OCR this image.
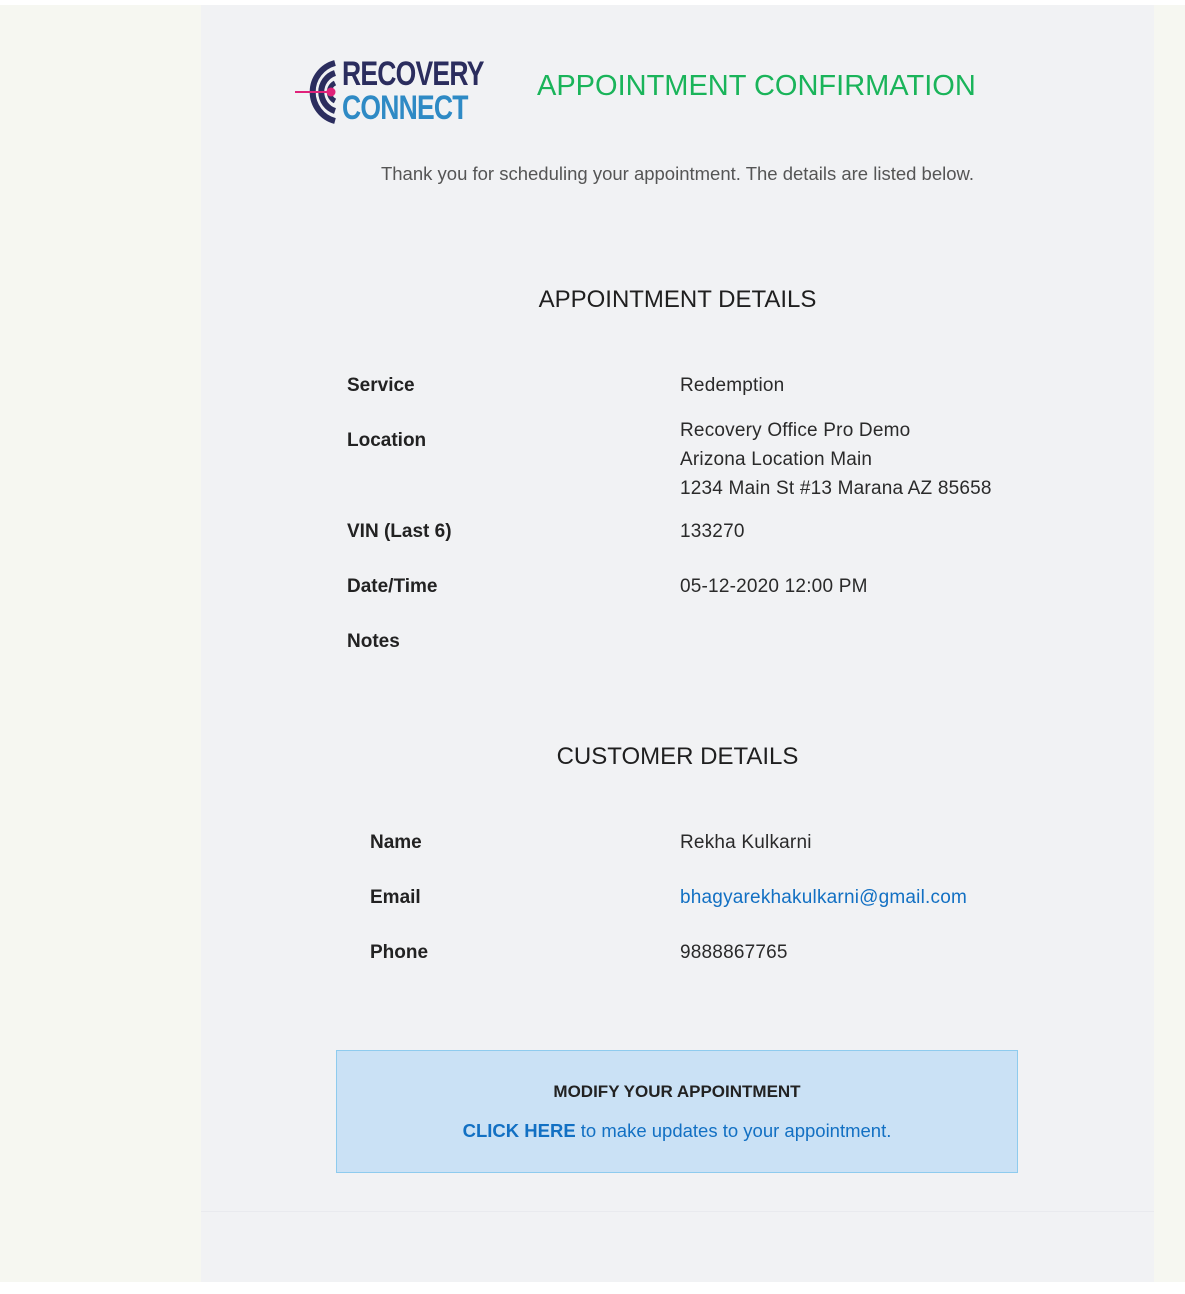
RECOVERY
CONNECT
APPOINTMENT CONFIRMATION
Thank you for scheduling your appointment. The details are listed below.
APPOINTMENT DETAILS
Service	Redemption
Location	Recovery Office Pro Demo
Arizona Location Main
1234 Main St #13 Marana AZ 85658
VIN (Last 6)	133270
Date/Time	05-12-2020 12:00 PM
Notes
CUSTOMER DETAILS
Name	Rekha Kulkarni
Email	bhagyarekhakulkarni@gmail.com
Phone	9888867765
MODIFY YOUR APPOINTMENT
CLICK HERE to make updates to your appointment.
